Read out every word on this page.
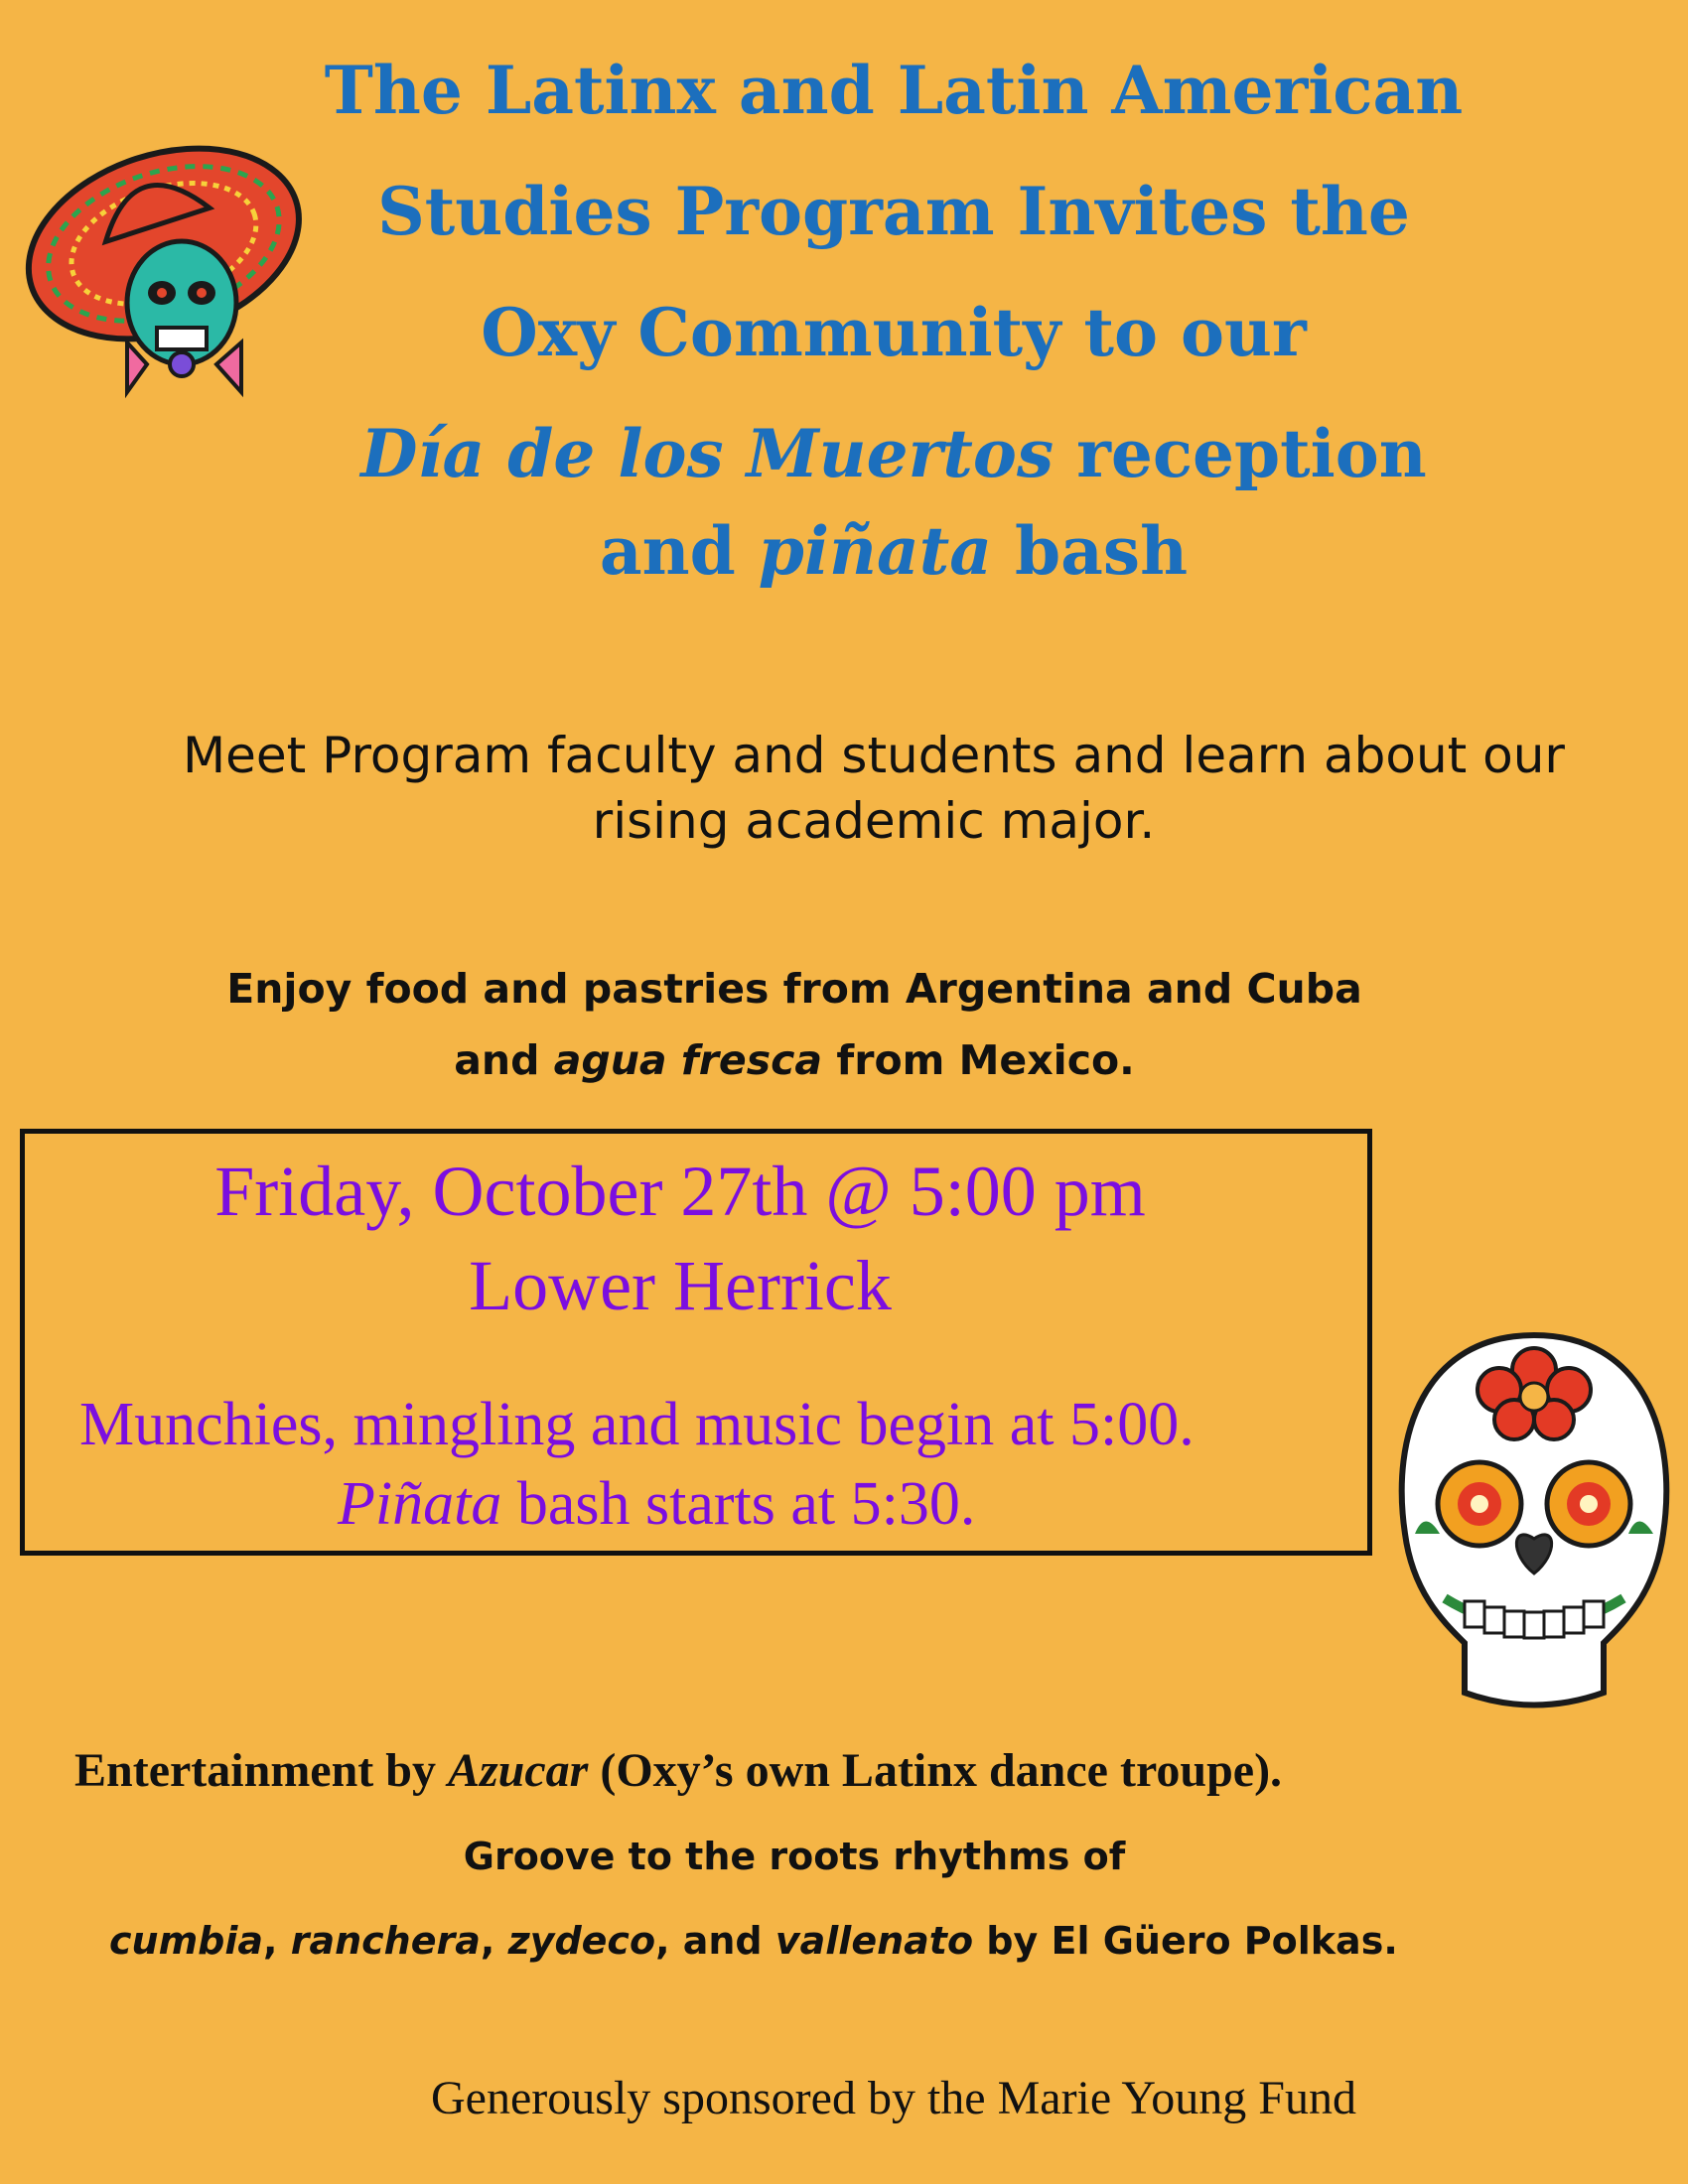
The Latinx and Latin American

Studies Program Invites the

Oxy Community to our

Día de los Muertos reception

and piñata bash

Meet Program faculty and students and learn about our

rising academic major.

Enjoy food and pastries from Argentina and Cuba

and agua fresca from Mexico.

Friday, October 27th @ 5:00 pm

Lower Herrick

Munchies, mingling and music begin at 5:00.

Piñata bash starts at 5:30.

Entertainment by Azucar (Oxy’s own Latinx dance troupe).

Groove to the roots rhythms of

cumbia, ranchera, zydeco, and vallenato by El Güero Polkas.

Generously sponsored by the Marie Young Fund
